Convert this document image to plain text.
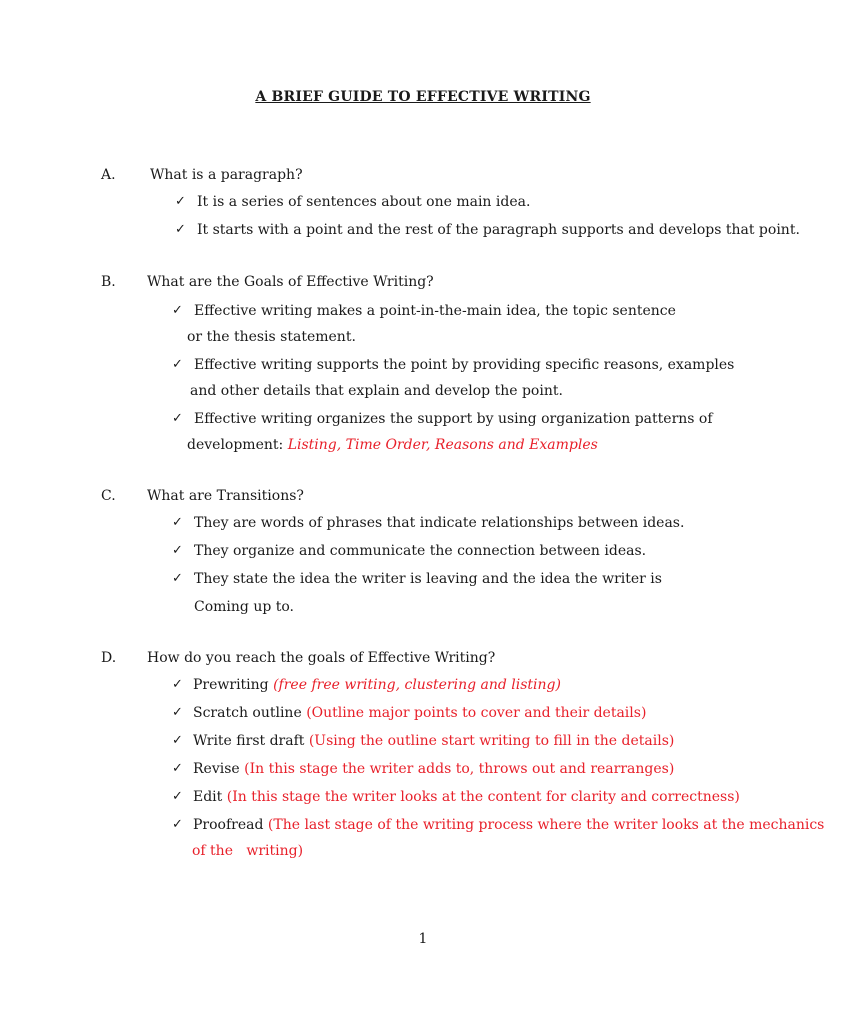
A BRIEF GUIDE TO EFFECTIVE WRITING
A. What is a paragraph?
✓ It is a series of sentences about one main idea.
✓ It starts with a point and the rest of the paragraph supports and develops that point.
B. What are the Goals of Effective Writing?
✓ Effective writing makes a point-in-the-main idea, the topic sentence
or the thesis statement.
✓ Effective writing supports the point by providing specific reasons, examples
and other details that explain and develop the point.
✓ Effective writing organizes the support by using organization patterns of
development: Listing, Time Order, Reasons and Examples
C. What are Transitions?
✓ They are words of phrases that indicate relationships between ideas.
✓ They organize and communicate the connection between ideas.
✓ They state the idea the writer is leaving and the idea the writer is
Coming up to.
D. How do you reach the goals of Effective Writing?
✓ Prewriting (free free writing, clustering and listing)
✓ Scratch outline (Outline major points to cover and their details)
✓ Write first draft (Using the outline start writing to fill in the details)
✓ Revise (In this stage the writer adds to, throws out and rearranges)
✓ Edit (In this stage the writer looks at the content for clarity and correctness)
✓ Proofread (The last stage of the writing process where the writer looks at the mechanics
of the   writing)
1
